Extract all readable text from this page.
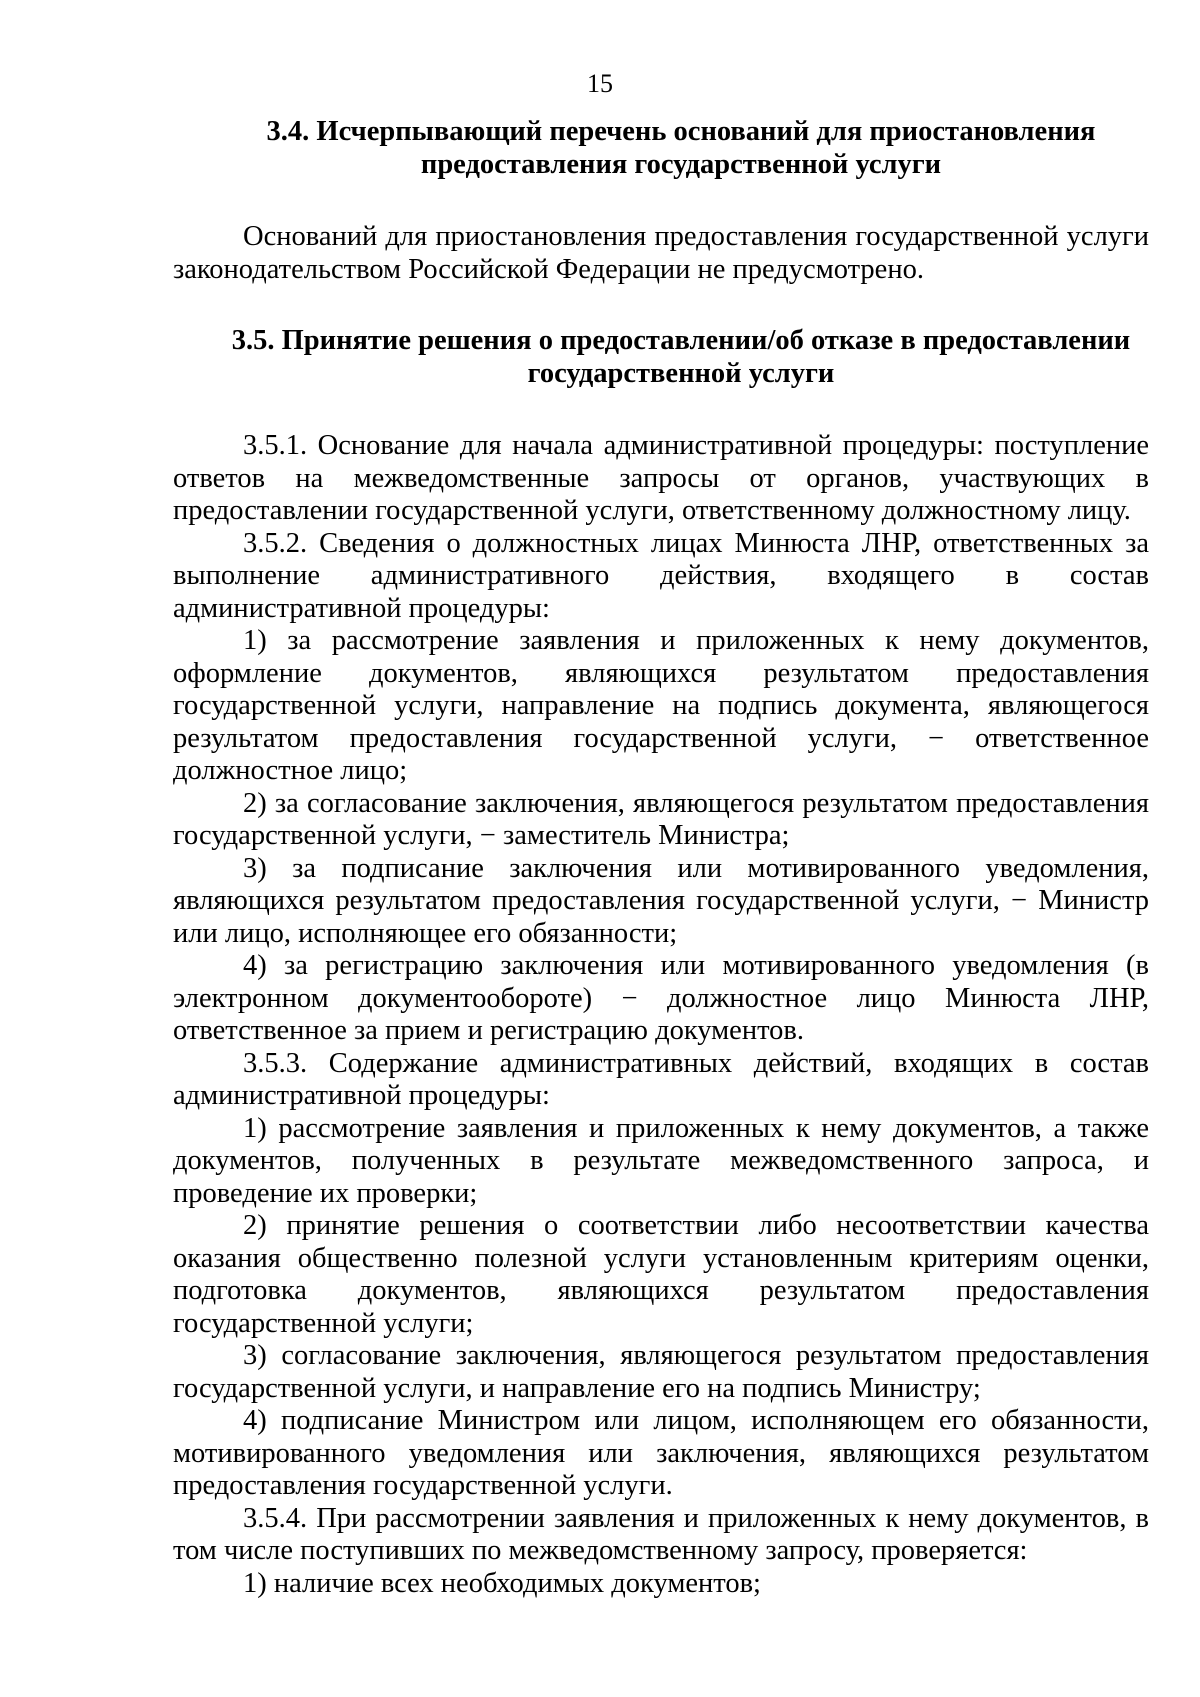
15

3.4. Исчерпывающий перечень оснований для приостановления предоставления государственной услуги

Оснований для приостановления предоставления государственной услуги законодательством Российской Федерации не предусмотрено.

3.5. Принятие решения о предоставлении/об отказе в предоставлении государственной услуги

3.5.1. Основание для начала административной процедуры: поступление ответов на межведомственные запросы от органов, участвующих в предоставлении государственной услуги, ответственному должностному лицу.

3.5.2. Сведения о должностных лицах Минюста ЛНР, ответственных за выполнение административного действия, входящего в состав административной процедуры:

1) за рассмотрение заявления и приложенных к нему документов, оформление документов, являющихся результатом предоставления государственной услуги, направление на подпись документа, являющегося результатом предоставления государственной услуги, − ответственное должностное лицо;

2) за согласование заключения, являющегося результатом предоставления государственной услуги, − заместитель Министра;

3) за подписание заключения или мотивированного уведомления, являющихся результатом предоставления государственной услуги, − Министр или лицо, исполняющее его обязанности;

4) за регистрацию заключения или мотивированного уведомления (в электронном документообороте) − должностное лицо Минюста ЛНР, ответственное за прием и регистрацию документов.

3.5.3. Содержание административных действий, входящих в состав административной процедуры:

1) рассмотрение заявления и приложенных к нему документов, а также документов, полученных в результате межведомственного запроса, и проведение их проверки;

2) принятие решения о соответствии либо несоответствии качества оказания общественно полезной услуги установленным критериям оценки, подготовка документов, являющихся результатом предоставления государственной услуги;

3) согласование заключения, являющегося результатом предоставления государственной услуги, и направление его на подпись Министру;

4) подписание Министром или лицом, исполняющем его обязанности, мотивированного уведомления или заключения, являющихся результатом предоставления государственной услуги.

3.5.4. При рассмотрении заявления и приложенных к нему документов, в том числе поступивших по межведомственному запросу, проверяется:

1) наличие всех необходимых документов;
